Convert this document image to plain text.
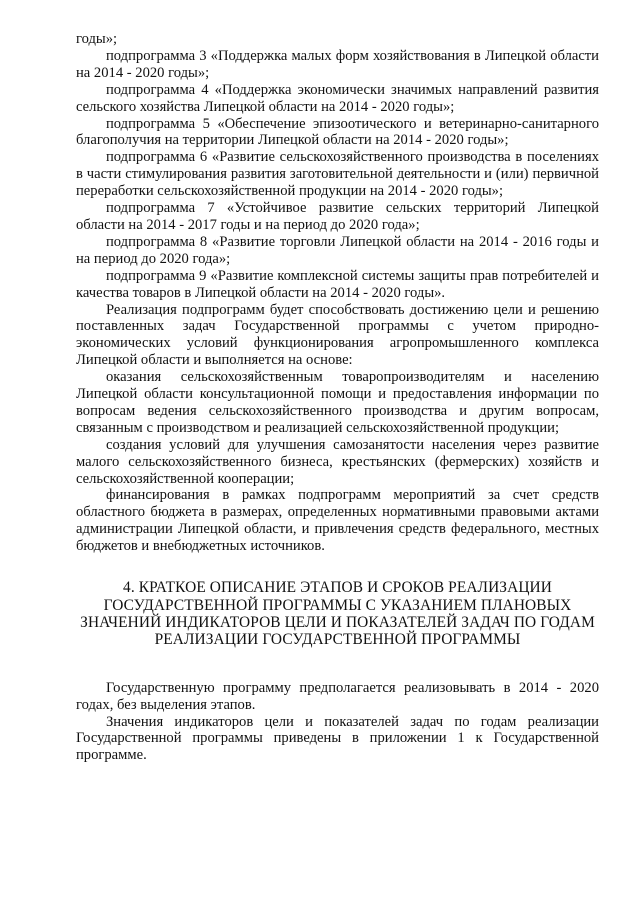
годы»;

подпрограмма 3 «Поддержка малых форм хозяйствования в Липецкой области на 2014 - 2020 годы»;

подпрограмма 4 «Поддержка экономически значимых направлений развития сельского хозяйства Липецкой области на 2014 - 2020 годы»;

подпрограмма 5 «Обеспечение эпизоотического и ветеринарно-санитарного благополучия на территории Липецкой области на 2014 - 2020 годы»;

подпрограмма 6 «Развитие сельскохозяйственного производства в поселениях в части стимулирования развития заготовительной деятельности и (или) первичной переработки сельскохозяйственной продукции на 2014 - 2020 годы»;

подпрограмма 7 «Устойчивое развитие сельских территорий Липецкой области на 2014 - 2017 годы и на период до 2020 года»;

подпрограмма 8 «Развитие торговли Липецкой области на 2014 - 2016 годы и на период до 2020 года»;

подпрограмма 9 «Развитие комплексной системы защиты прав потребителей и качества товаров в Липецкой области на 2014 - 2020 годы».

Реализация подпрограмм будет способствовать достижению цели и решению поставленных задач Государственной программы с учетом природно-экономических условий функционирования агропромышленного комплекса Липецкой области и выполняется на основе:

оказания сельскохозяйственным товаропроизводителям и населению Липецкой области консультационной помощи и предоставления информации по вопросам ведения сельскохозяйственного производства и другим вопросам, связанным с производством и реализацией сельскохозяйственной продукции;

создания условий для улучшения самозанятости населения через развитие малого сельскохозяйственного бизнеса, крестьянских (фермерских) хозяйств и сельскохозяйственной кооперации;

финансирования в рамках подпрограмм мероприятий за счет средств областного бюджета в размерах, определенных нормативными правовыми актами администрации Липецкой области, и привлечения средств федерального, местных бюджетов и внебюджетных источников.

4. КРАТКОЕ ОПИСАНИЕ ЭТАПОВ И СРОКОВ РЕАЛИЗАЦИИ
ГОСУДАРСТВЕННОЙ ПРОГРАММЫ С УКАЗАНИЕМ ПЛАНОВЫХ
ЗНАЧЕНИЙ ИНДИКАТОРОВ ЦЕЛИ И ПОКАЗАТЕЛЕЙ ЗАДАЧ ПО ГОДАМ
РЕАЛИЗАЦИИ ГОСУДАРСТВЕННОЙ ПРОГРАММЫ

Государственную программу предполагается реализовывать в 2014 - 2020 годах, без выделения этапов.

Значения индикаторов цели и показателей задач по годам реализации Государственной программы приведены в приложении 1 к Государственной программе.
